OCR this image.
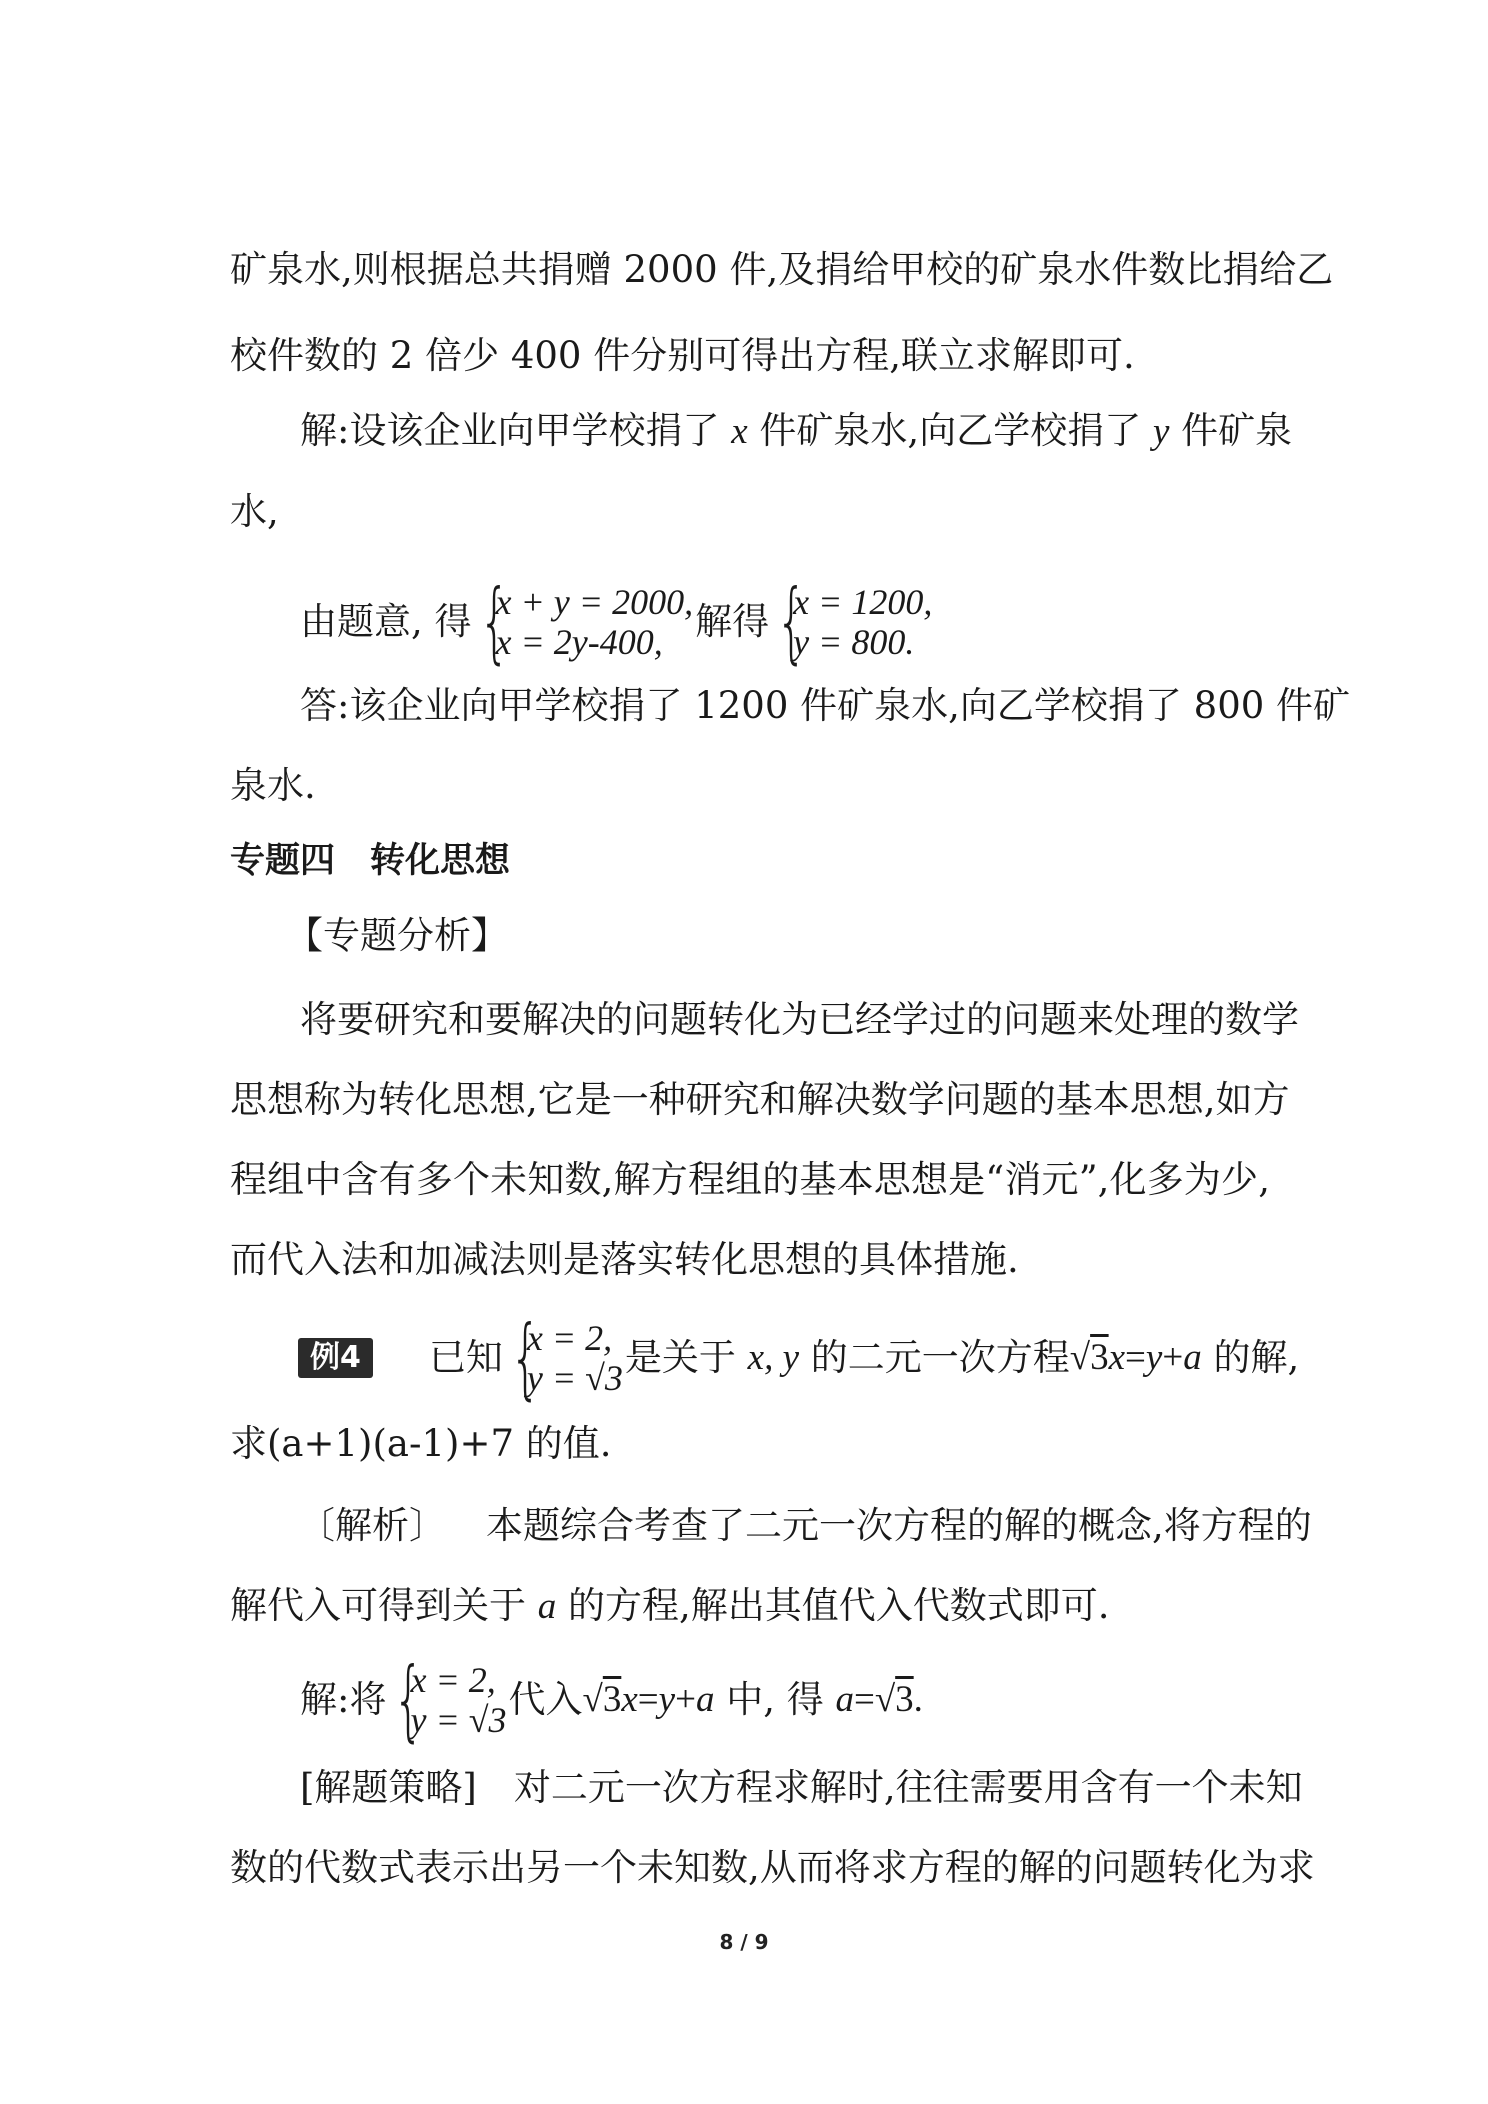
矿泉水,则根据总共捐赠 2000 件,及捐给甲校的矿泉水件数比捐给乙
校件数的 2 倍少 400 件分别可得出方程,联立求解即可.
解:设该企业向甲学校捐了 x 件矿泉水,向乙学校捐了 y 件矿泉
水,
由题意, 得 {
x + y = 2000,
x = 2y-400, 解得 {
x = 1200,
y = 800.
答:该企业向甲学校捐了 1200 件矿泉水,向乙学校捐了 800 件矿
泉水.
专题四　转化思想
【专题分析】
将要研究和要解决的问题转化为已经学过的问题来处理的数学
思想称为转化思想,它是一种研究和解决数学问题的基本思想,如方
程组中含有多个未知数,解方程组的基本思想是“消元”,化多为少,
而代入法和加减法则是落实转化思想的具体措施.
例4 已知 {
x = 2,
y = √3 是关于 x, y 的二元一次方程√3x=y+a 的解,
求(a+1)(a-1)+7 的值.
〔解析〕 本题综合考查了二元一次方程的解的概念,将方程的
解代入可得到关于 a 的方程,解出其值代入代数式即可.
解:将 {
x = 2,
y = √3 代入√3x=y+a 中, 得 a=√3.
[解题策略]　对二元一次方程求解时,往往需要用含有一个未知
数的代数式表示出另一个未知数,从而将求方程的解的问题转化为求
8 / 9
